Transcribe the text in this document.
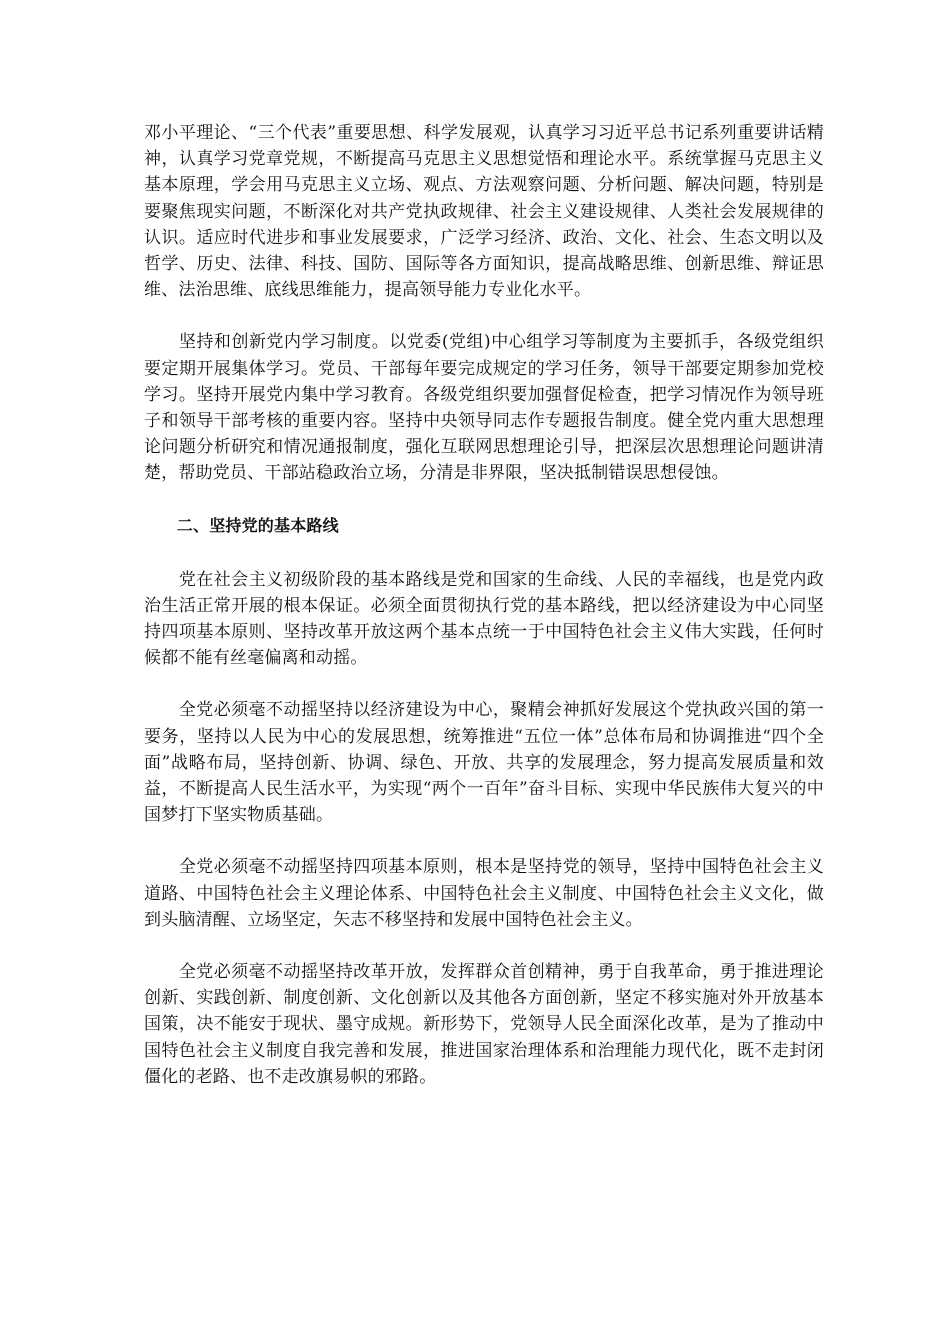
邓小平理论、“三个代表”重要思想、科学发展观，认真学习习近平总书记系列重要讲话精神，认真学习党章党规，不断提高马克思主义思想觉悟和理论水平。系统掌握马克思主义基本原理，学会用马克思主义立场、观点、方法观察问题、分析问题、解决问题，特别是要聚焦现实问题，不断深化对共产党执政规律、社会主义建设规律、人类社会发展规律的认识。适应时代进步和事业发展要求，广泛学习经济、政治、文化、社会、生态文明以及哲学、历史、法律、科技、国防、国际等各方面知识，提高战略思维、创新思维、辩证思维、法治思维、底线思维能力，提高领导能力专业化水平。

坚持和创新党内学习制度。以党委(党组)中心组学习等制度为主要抓手，各级党组织要定期开展集体学习。党员、干部每年要完成规定的学习任务，领导干部要定期参加党校学习。坚持开展党内集中学习教育。各级党组织要加强督促检查，把学习情况作为领导班子和领导干部考核的重要内容。坚持中央领导同志作专题报告制度。健全党内重大思想理论问题分析研究和情况通报制度，强化互联网思想理论引导，把深层次思想理论问题讲清楚，帮助党员、干部站稳政治立场，分清是非界限，坚决抵制错误思想侵蚀。

二、坚持党的基本路线

党在社会主义初级阶段的基本路线是党和国家的生命线、人民的幸福线，也是党内政治生活正常开展的根本保证。必须全面贯彻执行党的基本路线，把以经济建设为中心同坚持四项基本原则、坚持改革开放这两个基本点统一于中国特色社会主义伟大实践，任何时候都不能有丝毫偏离和动摇。

全党必须毫不动摇坚持以经济建设为中心，聚精会神抓好发展这个党执政兴国的第一要务，坚持以人民为中心的发展思想，统筹推进“五位一体”总体布局和协调推进“四个全面”战略布局，坚持创新、协调、绿色、开放、共享的发展理念，努力提高发展质量和效益，不断提高人民生活水平，为实现“两个一百年”奋斗目标、实现中华民族伟大复兴的中国梦打下坚实物质基础。

全党必须毫不动摇坚持四项基本原则，根本是坚持党的领导，坚持中国特色社会主义道路、中国特色社会主义理论体系、中国特色社会主义制度、中国特色社会主义文化，做到头脑清醒、立场坚定，矢志不移坚持和发展中国特色社会主义。

全党必须毫不动摇坚持改革开放，发挥群众首创精神，勇于自我革命，勇于推进理论创新、实践创新、制度创新、文化创新以及其他各方面创新，坚定不移实施对外开放基本国策，决不能安于现状、墨守成规。新形势下，党领导人民全面深化改革，是为了推动中国特色社会主义制度自我完善和发展，推进国家治理体系和治理能力现代化，既不走封闭僵化的老路、也不走改旗易帜的邪路。
